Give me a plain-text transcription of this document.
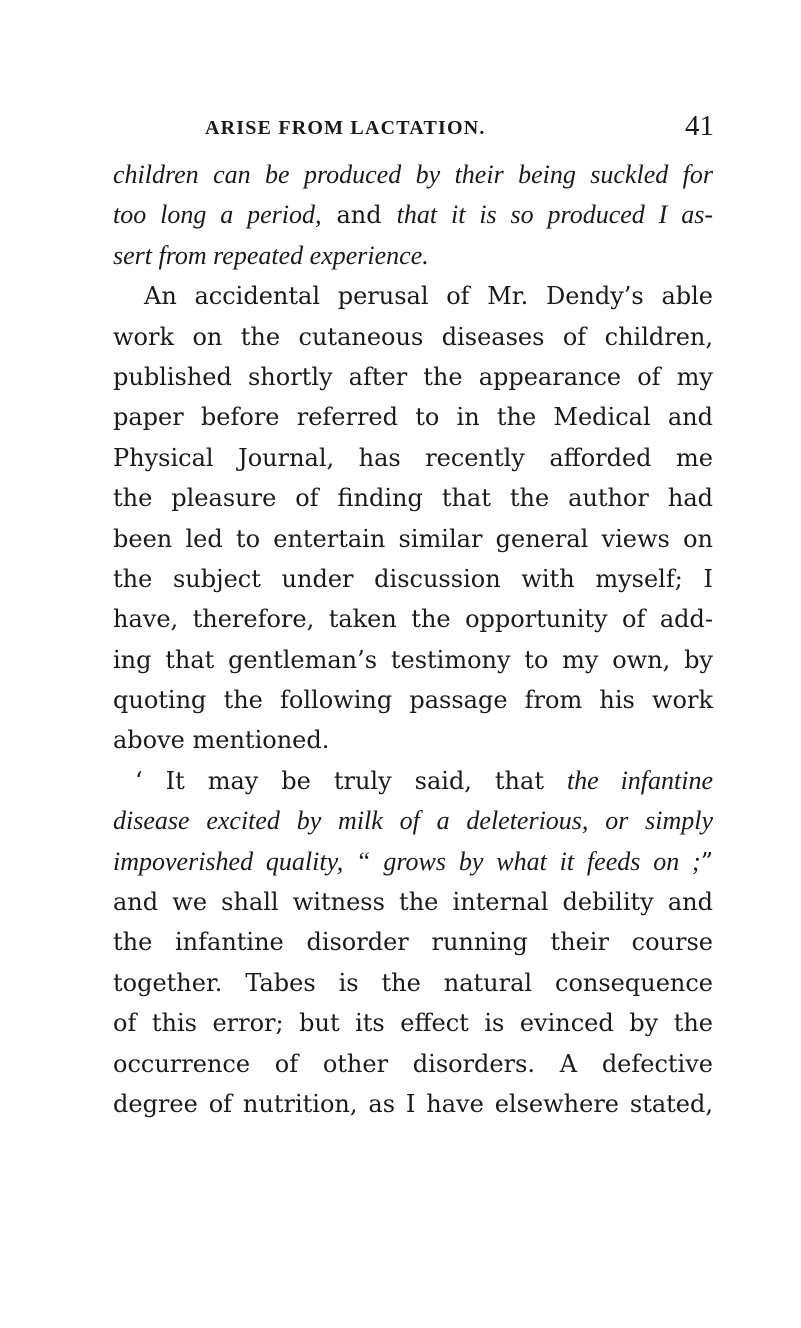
ARISE FROM LACTATION.	41
children can be produced by their being suckled for
too long a period, and that it is so produced I as-
sert from repeated experience.
An accidental perusal of Mr. Dendy’s able
work on the cutaneous diseases of children,
published shortly after the appearance of my
paper before referred to in the Medical and
Physical Journal, has recently afforded me
the pleasure of finding that the author had
been led to entertain similar general views on
the subject under discussion with myself; I
have, therefore, taken the opportunity of add-
ing that gentleman’s testimony to my own, by
quoting the following passage from his work
above mentioned.
‘ It may be truly said, that the infantine
disease excited by milk of a deleterious, or simply
impoverished quality, “ grows by what it feeds on ;”
and we shall witness the internal debility and
the infantine disorder running their course
together. Tabes is the natural consequence
of this error; but its effect is evinced by the
occurrence of other disorders. A defective
degree of nutrition, as I have elsewhere stated,
